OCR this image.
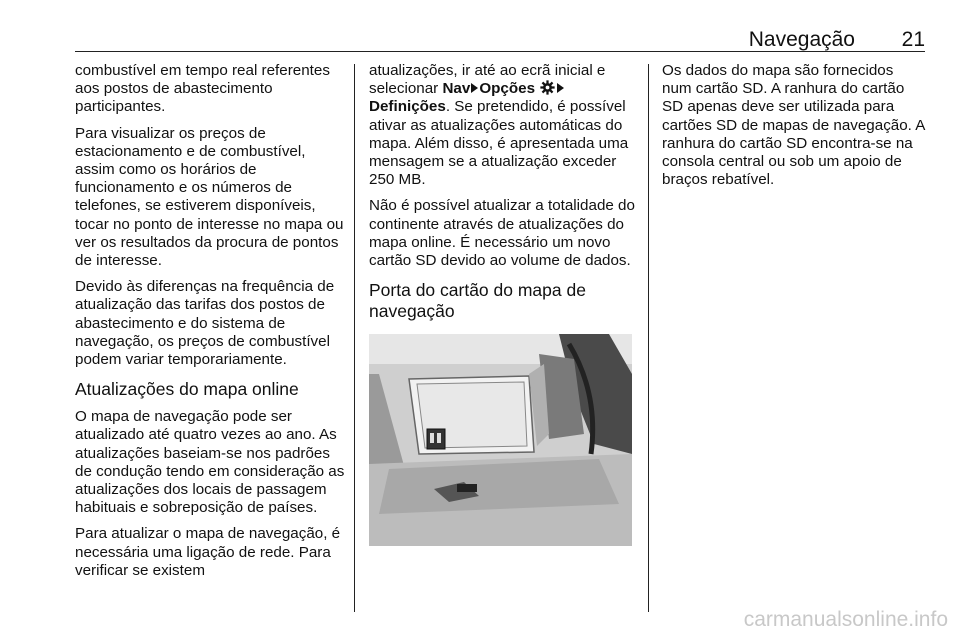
Navegação 21

combustível em tempo real referentes aos postos de abastecimento participantes.

Para visualizar os preços de estacionamento e de combustível, assim como os horários de funcionamento e os números de telefones, se estiverem disponíveis, tocar no ponto de interesse no mapa ou ver os resultados da procura de pontos de interesse.

Devido às diferenças na frequência de atualização das tarifas dos postos de abastecimento e do sistema de navegação, os preços de combustível podem variar temporariamente.

Atualizações do mapa online

O mapa de navegação pode ser atualizado até quatro vezes ao ano. As atualizações baseiam-se nos padrões de condução tendo em consideração as atualizações dos locais de passagem habituais e sobreposição de países.

Para atualizar o mapa de navegação, é necessária uma ligação de rede. Para verificar se existem

atualizações, ir até ao ecrã inicial e selecionar Nav Opções
Definições. Se pretendido, é possível ativar as atualizações automáticas do mapa. Além disso, é apresentada uma mensagem se a atualização exceder 250 MB.

Não é possível atualizar a totalidade do continente através de atualizações do mapa online. É necessário um novo cartão SD devido ao volume de dados.

Porta do cartão do mapa de navegação

Os dados do mapa são fornecidos num cartão SD. A ranhura do cartão SD apenas deve ser utilizada para cartões SD de mapas de navegação. A ranhura do cartão SD encontra-se na consola central ou sob um apoio de braços rebatível.

carmanualsonline.info
